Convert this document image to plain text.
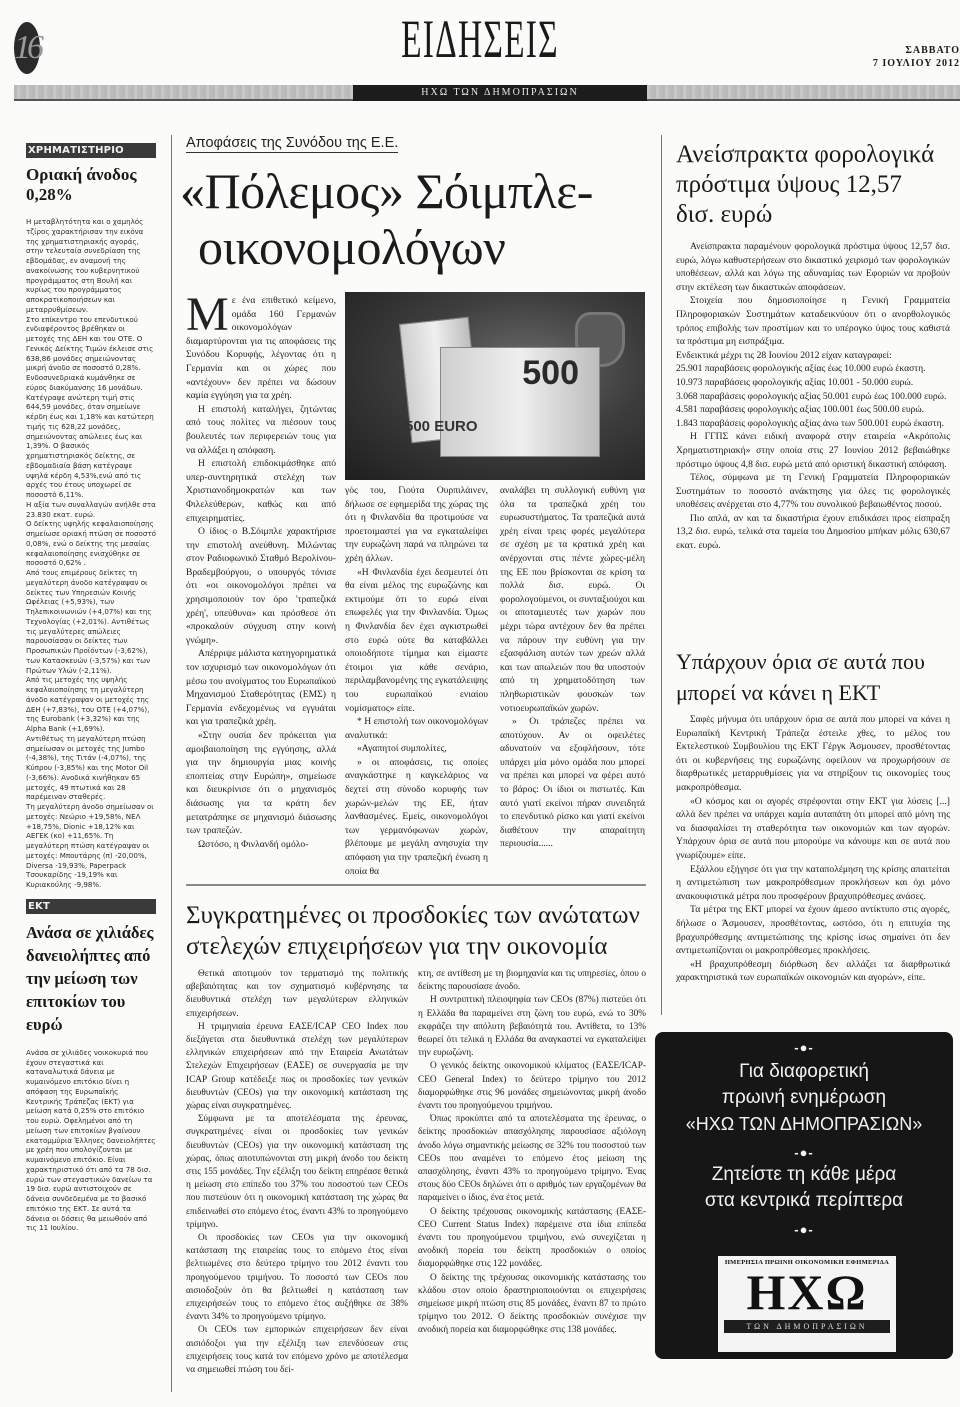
16	ΕΙΔΗΣΕΙΣ	ΣΑΒΒΑΤΟ
7 ΙΟΥΛΙΟΥ 2012
ΗΧΩ ΤΩΝ ΔΗΜΟΠΡΑΣΙΩΝ
ΧΡΗΜΑΤΙΣΤΗΡΙΟ
Οριακή άνοδος 0,28%

Η μεταβλητότητα και ο χαμηλός τζίρος χαρακτήρισαν την εικόνα της χρηματιστηριακής αγοράς, στην τελευταία συνεδρίαση της εβδομάδας, εν αναμονή της ανακοίνωσης του κυβερνητικού προγράμματος στη Βουλή και κυρίως του προγράμματος αποκρατικοποιήσεων και μεταρρυθμίσεων.

Στο επίκεντρο του επενδυτικού ενδιαφέροντος βρέθηκαν οι μετοχές της ΔΕΗ και του ΟΤΕ. Ο Γενικός Δείκτης Τιμών έκλεισε στις 638,86 μονάδες σημειώνοντας μικρή άνοδο σε ποσοστό 0,28%. Ενδοσυνεδριακά κυμάνθηκε σε εύρος διακύμανσης 16 μονάδων. Κατέγραψε ανώτερη τιμή στις 644,59 μονάδες, όταν σημείωνε κέρδη έως και 1,18% και κατώτερη τιμής τις 628,22 μονάδες, σημειώνοντας απώλειες έως και 1,39%. Ο βασικός χρηματιστηριακός δείκτης, σε εβδομαδιαία βάση κατέγραψε υψηλά κέρδη 4,53%,ενώ από τις αρχές του έτους υποχωρεί σε ποσοστό 6,11%.

Η αξία των συναλλαγών ανήλθε στα 23.830 εκατ. ευρώ.

Ο δείκτης υψηλής κεφαλαιοποίησης σημείωσε οριακή πτώση σε ποσοστό 0,08%, ενώ ο δείκτης της μεσαίας κεφαλαιοποίησης ενισχύθηκε σε ποσοστό 0,62% .

Από τους επιμέρους δείκτες τη μεγαλύτερη άνοδο κατέγραψαν οι δείκτες των Υπηρεσιών Κοινής Ωφέλειας (+5,93%), των Τηλεπικοινωνιών (+4,07%) και της Τεχνολογίας (+2,01%). Αντιθέτως τις μεγαλύτερες απώλειες παρουσίασαν οι δείκτες των Προσωπικών Προϊόντων (-3,62%), των Κατασκευών (-3,57%) και των Πρώτων Υλών (-2,11%).

Από τις μετοχές της υψηλής κεφαλαιοποίησης τη μεγαλύτερη άνοδο κατέγραψαν οι μετοχές της ΔΕΗ (+7,83%), του ΟΤΕ (+4,07%), της Eurobank (+3,32%) και της Alpha Bank (+1,69%).

Αντιθέτως τη μεγαλύτερη πτώση σημείωσαν οι μετοχές της Jumbo (-4,38%), της Τιτάν (-4,07%), της Κύπρου (-3,85%) και της Motor Oil (-3,66%). Ανοδικά κινήθηκαν 65 μετοχές, 49 πτωτικά και 28 παρέμειναν σταθερές.

Τη μεγαλύτερη άνοδο σημείωσαν οι μετοχές: Νεώριο +19,58%, ΝΕΛ +18,75%, Dionic +18,12% και ΑΕΓΕΚ (κο) +11,65%. Τη μεγαλύτερη πτώση κατέγραψαν οι μετοχές: Μπουτάρης (π) -20,00%, Diversa -19,93%, Paperpack Τσουκαρίδης -19,19% και Κυριακούλης -9,98%.

ΕΚΤ
Ανάσα σε χιλιάδες δανειολήπτες από την μείωση των επιτοκίων του ευρώ

Ανάσα σε χιλιάδες νοικοκυριά που έχουν στεγαστικά και καταναλωτικά δάνεια με κυμαινόμενο επιτόκιο δίνει η απόφαση της Ευρωπαϊκής Κεντρικής Τράπεζας (ΕΚΤ) για μείωση κατά 0,25% στο επιτόκιο του ευρώ. Οφελημένοι από τη μείωση των επιτοκίων βγαίνουν εκατομμύρια Έλληνες δανειολήπτες με χρέη που υπολογίζονται με κυμαινόμενο επιτόκιο. Είναι χαρακτηριστικό ότι από τα 78 δισ. ευρώ των στεγαστικών δανείων τα 19 δισ. ευρώ αντιστοιχούν σε δάνεια συνδεδεμένα με το βασικό επιτόκιο της ΕΚΤ. Σε αυτά τα δάνεια οι δόσεις θα μειωθούν από τις 11 Ιουλίου.

Αποφάσεις της Συνόδου της Ε.Ε.
«Πόλεμος» Σόιμπλε-
οικονομολόγων

Με ένα επιθετικό κείμενο, ομάδα 160 Γερμανών οικονομολόγων διαμαρτύρονται για τις αποφάσεις της Συνόδου Κορυφής, λέγοντας ότι η Γερμανία και οι χώρες που «αντέχουν» δεν πρέπει να δώσουν καμία εγγύηση για τα χρέη.

Η επιστολή καταλήγει, ζητώντας από τους πολίτες να πιέσουν τους βουλευτές των περιφερειών τους για να αλλάξει η απόφαση.

Η επιστολή επιδοκιμάσθηκε από υπερ-συντηρητικά στελέχη των Χριστιανοδημοκρατών και των Φιλελεύθερων, καθώς και από επιχειρηματίες.

Ο ίδιος ο Β.Σόιμπλε χαρακτήρισε την επιστολή ανεύθυνη. Μιλώντας στον Ραδιοφωνικό Σταθμό Βερολίνου-Βραδεμβούργου, ο υπουργός τόνισε ότι «οι οικονομολόγοι πρέπει να χρησιμοποιούν τον όρο 'τραπεζικά χρέη', υπεύθυνα» και πρόσθεσε ότι «προκαλούν σύγχυση στην κοινή γνώμη».

Απέρριψε μάλιστα κατηγορηματικά τον ισχυρισμό των οικονομολόγων ότι μέσω του ανοίγματος του Ευρωπαϊκού Μηχανισμού Σταθερότητας (ΕΜΣ) η Γερμανία ενδεχομένως να εγγυάται και για τραπεζικά χρέη.

«Στην ουσία δεν πρόκειται για αμοιβαιοποίηση της εγγύησης, αλλά για την δημιουργία μιας κοινής εποπτείας στην Ευρώπη», σημείωσε και διευκρίνισε ότι ο μηχανισμός διάσωσης για τα κράτη δεν μετατράπηκε σε μηχανισμό διάσωσης των τραπεζών.

Ωστόσο, η Φινλανδή ομόλο-

500
500 EURO

γός του, Γιούτα Ουρπιλάινεν, δήλωσε σε εφημερίδα της χώρας της ότι η Φινλανδία θα προτιμούσε να προετοιμαστεί για να εγκαταλείψει την ευρωζώνη παρά να πληρώνει τα χρέη άλλων.

«Η Φινλανδία έχει δεσμευτεί ότι θα είναι μέλος της ευρωζώνης και εκτιμούμε ότι το ευρώ είναι επωφελές για την Φινλανδία. Όμως η Φινλανδία δεν έχει αγκιστρωθεί στο ευρώ ούτε θα καταβάλλει οποιοδήποτε τίμημα και είμαστε έτοιμοι για κάθε σενάριο, περιλαμβανομένης της εγκατάλειψης του ευρωπαϊκού ενιαίου νομίσματος» είπε.

* Η επιστολή των οικονομολόγων αναλυτικά:

«Αγαπητοί συμπολίτες,

» οι αποφάσεις, τις οποίες αναγκάστηκε η καγκελάριος να δεχτεί στη σύνοδο κορυφής των χωρών-μελών της ΕΕ, ήταν λανθασμένες. Εμείς, οικονομολόγοι των γερμανόφωνων χωρών, βλέπουμε με μεγάλη ανησυχία την απόφαση για την τραπεζική ένωση η οποία θα

αναλάβει τη συλλογική ευθύνη για όλα τα τραπεζικά χρέη του ευρωσυστήματος. Τα τραπεζικά αυτά χρέη είναι τρεις φορές μεγαλύτερα σε σχέση με τα κρατικά χρέη και ανέρχονται στις πέντε χώρες-μέλη της ΕΕ που βρίσκονται σε κρίση τα πολλά δισ. ευρώ. Οι φορολογούμενοι, οι συνταξιούχοι και οι αποταμιευτές των χωρών που μέχρι τώρα αντέχουν δεν θα πρέπει να πάρουν την ευθύνη για την εξασφάλιση αυτών των χρεών αλλά και των απωλειών που θα υποστούν από τη χρηματοδότηση των πληθωριστικών φουσκών των νοτιοευρωπαϊκών χωρών.

» Οι τράπεζες πρέπει να αποτύχουν. Αν οι οφειλέτες αδυνατούν να εξοφλήσουν, τότε υπάρχει μία μόνο ομάδα που μπορεί να πρέπει και μπορεί να φέρει αυτό το βάρος: Οι ίδιοι οι πιστωτές. Και αυτό γιατί εκείνοι πήραν συνειδητά το επενδυτικό ρίσκο και γιατί εκείνοι διαθέτουν την απαραίτητη περιουσία......

Συγκρατημένες οι προσδοκίες των ανώτατων στελεχών επιχειρήσεων για την οικονομία

Θετικά αποτιμούν τον τερματισμό της πολιτικής αβεβαιότητας και τον σχηματισμό κυβέρνησης τα διευθυντικά στελέχη των μεγαλύτερων ελληνικών επιχειρήσεων.

Η τριμηνιαία έρευνα ΕΑΣΕ/ICAP CEO Index που διεξάγεται στα διευθυντικά στελέχη των μεγαλύτερων ελληνικών επιχειρήσεων από την Εταιρεία Ανωτάτων Στελεχών Επιχειρήσεων (ΕΑΣΕ) σε συνεργασία με την ICAP Group κατέδειξε πως οι προσδοκίες των γενικών διευθυντών (CEOs) για την οικονομική κατάσταση της χώρας είναι συγκρατημένες.

Σύμφωνα με τα αποτελέσματα της έρευνας, συγκρατημένες είναι οι προσδοκίες των γενικών διευθυντών (CEOs) για την οικονομική κατάσταση της χώρας, όπως αποτυπώνονται στη μικρή άνοδο του δείκτη στις 155 μονάδες. Την εξέλιξη του δείκτη επηρέασε θετικά η μείωση στο επίπεδο του 37% του ποσοστού των CEOs που πιστεύουν ότι η οικονομική κατάσταση της χώρας θα επιδεινωθεί στο επόμενο έτος, έναντι 43% το προηγούμενο τρίμηνο.

Οι προσδοκίες των CEOs για την οικονομική κατάσταση της εταιρείας τους το επόμενο έτος είναι βελτιωμένες στο δεύτερο τρίμηνο του 2012 έναντι του προηγούμενου τριμήνου. Το ποσοστό των CEOs που αισιοδοξούν ότι θα βελτιωθεί η κατάσταση των επιχειρήσεών τους το επόμενο έτος αυξήθηκε σε 38% έναντι 34% το προηγούμενο τρίμηνο.

Οι CEOs των εμπορικών επιχειρήσεων δεν είναι αισιόδοξοι για την εξέλιξη των επενδύσεων στις επιχειρήσεις τους κατά τον επόμενο χρόνο με αποτέλεσμα να σημειωθεί πτώση του δεί-

κτη, σε αντίθεση με τη βιομηχανία και τις υπηρεσίες, όπου ο δείκτης παρουσίασε άνοδο.

Η συντριπτική πλειοψηφία των CEOs (87%) πιστεύει ότι η Ελλάδα θα παραμείνει στη ζώνη του ευρώ, ενώ το 30% εκφράζει την απόλυτη βεβαιότητά του. Αντίθετα, το 13% θεωρεί ότι τελικά η Ελλάδα θα αναγκαστεί να εγκαταλείψει την ευρωζώνη.

Ο γενικός δείκτης οικονομικού κλίματος (ΕΑΣΕ/ICAP-CEO General Index) το δεύτερο τρίμηνο του 2012 διαμορφώθηκε στις 96 μονάδες σημειώνοντας μικρή άνοδο έναντι του προηγούμενου τριμήνου.

Όπως προκύπτει από τα αποτελέσματα της έρευνας, ο δείκτης προσδοκιών απασχόλησης παρουσίασε αξιόλογη άνοδο λόγω σημαντικής μείωσης σε 32% του ποσοστού των CEOs που αναμένει το επόμενο έτος μείωση της απασχόλησης, έναντι 43% το προηγούμενο τρίμηνο. Ένας στους δύο CEOs δηλώνει ότι ο αριθμός των εργαζομένων θα παραμείνει ο ίδιος, ένα έτος μετά.

Ο δείκτης τρέχουσας οικονομικής κατάστασης (ΕΑΣΕ-CEO Current Status Index) παρέμεινε στα ίδια επίπεδα έναντι του προηγούμενου τριμήνου, ενώ συνεχίζεται η ανοδική πορεία του δείκτη προσδοκιών ο οποίος διαμορφώθηκε στις 122 μονάδες.

Ο δείκτης της τρέχουσας οικονομικής κατάστασης του κλάδου στον οποίο δραστηριοποιούνται οι επιχειρήσεις σημείωσε μικρή πτώση στις 85 μονάδες, έναντι 87 το πρώτο τρίμηνο του 2012. Ο δείκτης προσδοκιών συνέχισε την ανοδική πορεία και διαμορφώθηκε στις 138 μονάδες.

Ανείσπρακτα φορολογικά πρόστιμα ύψους 12,57 δισ. ευρώ

Ανείσπρακτα παραμένουν φορολογικά πρόστιμα ύψους 12,57 δισ. ευρώ, λόγω καθυστερήσεων στο δικαστικό χειρισμό των φορολογικών υποθέσεων, αλλά και λόγω της αδυναμίας των Εφοριών να προβούν στην εκτέλεση των δικαστικών αποφάσεων.

Στοιχεία που δημοσιοποίησε η Γενική Γραμματεία Πληροφοριακών Συστημάτων καταδεικνύουν ότι ο ανορθολογικός τρόπος επιβολής των προστίμων και το υπέρογκο ύψος τους καθιστά τα πρόστιμα μη εισπράξιμα.

Ενδεικτικά μέχρι τις 28 Ιουνίου 2012 είχαν καταγραφεί:

25.901 παραβάσεις φορολογικής αξίας έως 10.000 ευρώ έκαστη.

10.973 παραβάσεις φορολογικής αξίας 10.001 - 50.000 ευρώ.

3.068 παραβάσεις φορολογικής αξίας 50.001 ευρώ έως 100.000 ευρώ.

4.581 παραβάσεις φορολογικής αξίας 100.001 έως 500.00 ευρώ.

1.843 παραβάσεις φορολογικής αξίας άνω των 500.001 ευρώ έκαστη.

Η ΓΓΠΣ κάνει ειδική αναφορά στην εταιρεία «Ακρόπολις Χρηματιστηριακή» στην οποία στις 27 Ιουνίου 2012 βεβαιώθηκε πρόστιμο ύψους 4,8 δισ. ευρώ μετά από οριστική δικαστική απόφαση.

Τέλος, σύμφωνα με τη Γενική Γραμματεία Πληροφοριακών Συστημάτων το ποσοστό ανάκτησης για όλες τις φορολογικές υποθέσεις ανέρχεται στο 4,77% του συνολικού βεβαιωθέντος ποσού.

Πιο απλά, αν και τα δικαστήρια έχουν επιδικάσει προς είσπραξη 13,2 δισ. ευρώ, τελικά στα ταμεία του Δημοσίου μπήκαν μόλις 630,67 εκατ. ευρώ.

Υπάρχουν όρια σε αυτά που μπορεί να κάνει η ΕΚΤ

Σαφές μήνυμα ότι υπάρχουν όρια σε αυτά που μπορεί να κάνει η Ευρωπαϊκή Κεντρική Τράπεζα έστειλε χθες, το μέλος του Εκτελεστικού Συμβουλίου της ΕΚΤ Γέργκ Άσμουσεν, προσθέτοντας ότι οι κυβερνήσεις της ευρωζώνης οφείλουν να προχωρήσουν σε διαρθρωτικές μεταρρυθμίσεις για να στηρίξουν τις οικονομίες τους μακροπρόθεσμα.

«Ο κόσμος και οι αγορές στρέφονται στην ΕΚΤ για λύσεις [...] αλλά δεν πρέπει να υπάρχει καμία αυταπάτη ότι μπορεί από μόνη της να διασφαλίσει τη σταθερότητα των οικονομιών και των αγορών. Υπάρχουν όρια σε αυτά που μπορούμε να κάνουμε και σε αυτά που γνωρίζουμε» είπε.

Εξάλλου εξήγησε ότι για την καταπολέμηση της κρίσης απαιτείται η αντιμετώπιση των μακροπρόθεσμων προκλήσεων και όχι μόνο ανακουφιστικά μέτρα που προσφέρουν βραχυπρόθεσμες ανάσες.

Τα μέτρα της ΕΚΤ μπορεί να έχουν άμεσο αντίκτυπο στις αγορές, δήλωσε ο Άσμουσεν, προσθέτοντας, ωστόσο, ότι η επιτυχία της βραχυπρόθεσμης αντιμετώπισης της κρίσης ίσως σημαίνει ότι δεν αντιμετωπίζονται οι μακροπρόθεσμες προκλήσεις.

«Η βραχυπρόθεσμη διόρθωση δεν αλλάζει τα διαρθρωτικά χαρακτηριστικά των ευρωπαϊκών οικονομιών και αγορών», είπε.

-●-
Για διαφορετική
πρωινή ενημέρωση
«ΗΧΩ ΤΩΝ ΔΗΜΟΠΡΑΣΙΩΝ»
-●-
Ζητείστε τη κάθε μέρα
στα κεντρικά περίπτερα
-●-
ΗΜΕΡΗΣΙΑ ΠΡΩΙΝΗ ΟΙΚΟΝΟΜΙΚΗ ΕΦΗΜΕΡΙΔΑ
ΗΧΩ
ΤΩΝ ΔΗΜΟΠΡΑΣΙΩΝ
